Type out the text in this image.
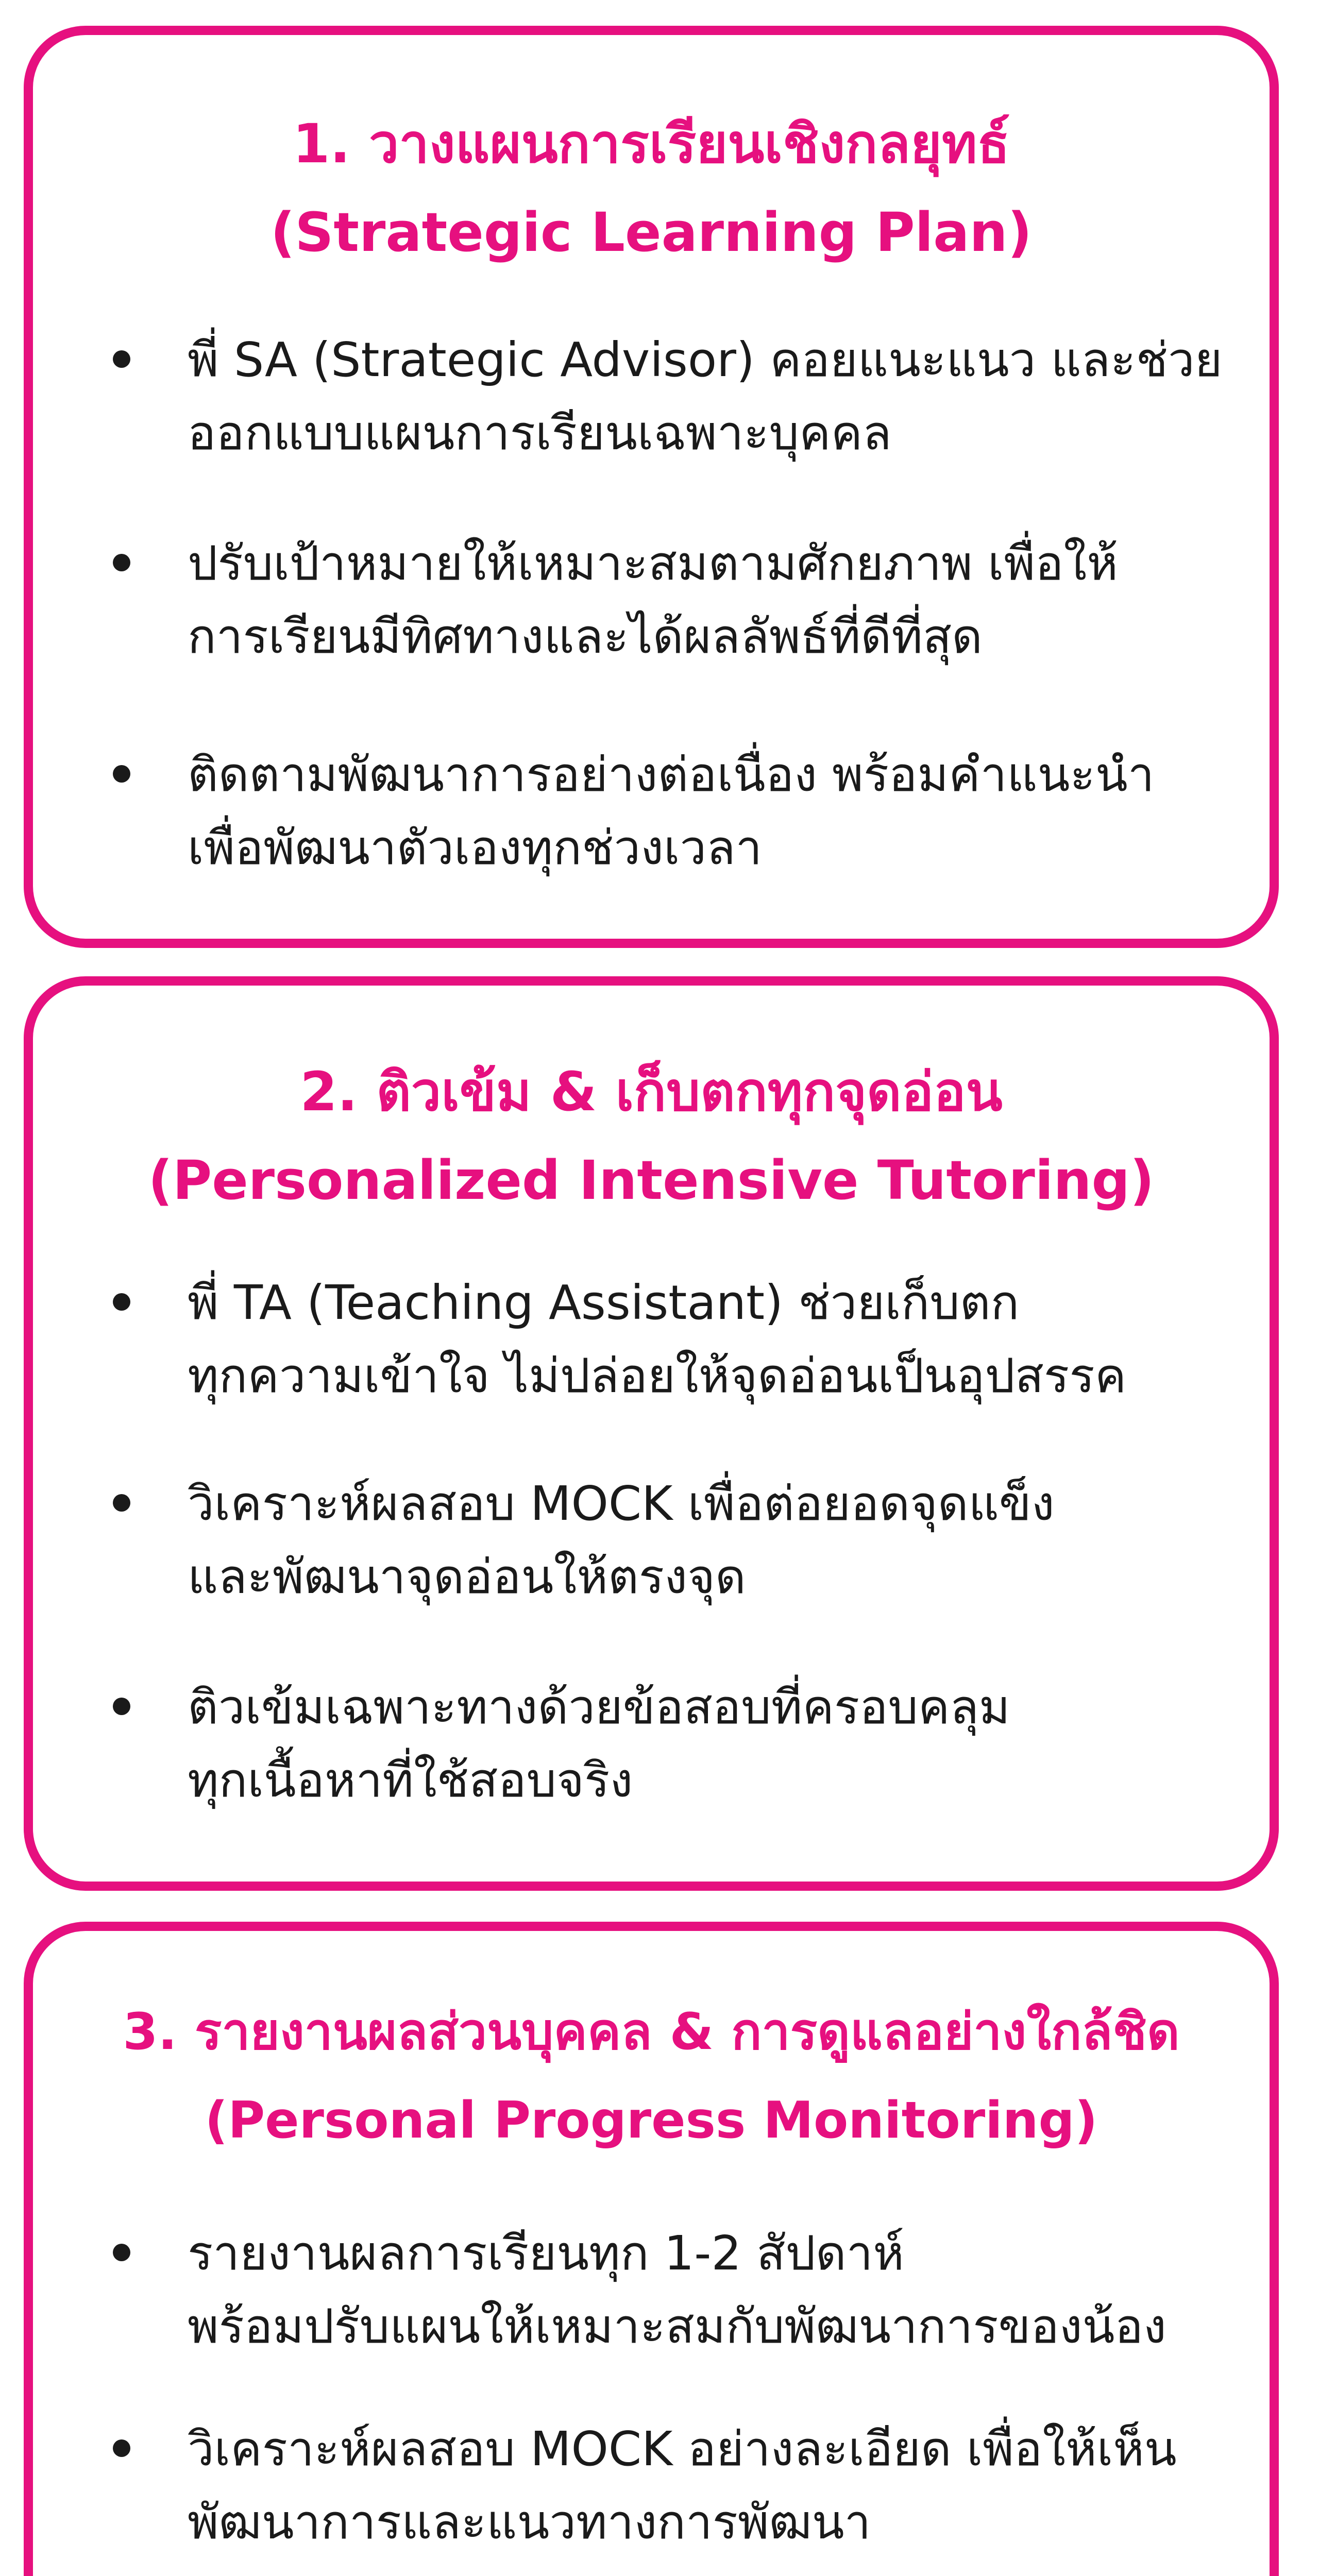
1. วางแผนการเรียนเชิงกลยุทธ์
(Strategic Learning Plan)
พี่ SA (Strategic Advisor) คอยแนะแนว และช่วย
ออกแบบแผนการเรียนเฉพาะบุคคล
ปรับเป้าหมายให้เหมาะสมตามศักยภาพ เพื่อให้
การเรียนมีทิศทางและได้ผลลัพธ์ที่ดีที่สุด
ติดตามพัฒนาการอย่างต่อเนื่อง พร้อมคำแนะนำ
เพื่อพัฒนาตัวเองทุกช่วงเวลา
2. ติวเข้ม & เก็บตกทุกจุดอ่อน
(Personalized Intensive Tutoring)
พี่ TA (Teaching Assistant) ช่วยเก็บตก
ทุกความเข้าใจ ไม่ปล่อยให้จุดอ่อนเป็นอุปสรรค
วิเคราะห์ผลสอบ MOCK เพื่อต่อยอดจุดแข็ง
และพัฒนาจุดอ่อนให้ตรงจุด
ติวเข้มเฉพาะทางด้วยข้อสอบที่ครอบคลุม
ทุกเนื้อหาที่ใช้สอบจริง
3. รายงานผลส่วนบุคคล & การดูแลอย่างใกล้ชิด
(Personal Progress Monitoring)
รายงานผลการเรียนทุก 1-2 สัปดาห์
พร้อมปรับแผนให้เหมาะสมกับพัฒนาการของน้อง
วิเคราะห์ผลสอบ MOCK อย่างละเอียด เพื่อให้เห็น
พัฒนาการและแนวทางการพัฒนา
